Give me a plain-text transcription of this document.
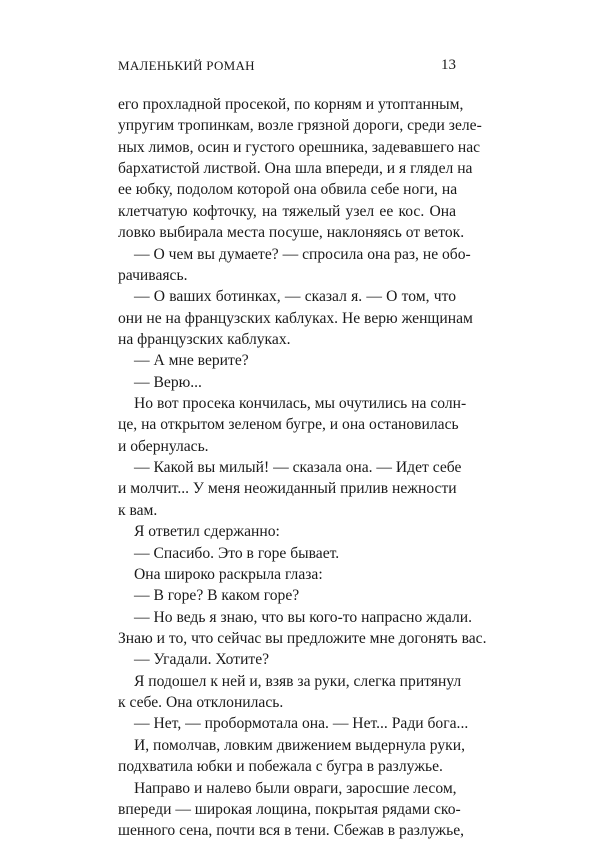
МАЛЕНЬКИЙ РОМАН	13
его прохладной просекой, по корням и утоптанным,
упругим тропинкам, возле грязной дороги, среди зеле-
ных лимов, осин и густого орешника, задевавшего нас
бархатистой листвой. Она шла впереди, и я глядел на
ее юбку, подолом которой она обвила себе ноги, на
клетчатую кофточку, на тяжелый узел ее кос. Она
ловко выбирала места посуше, наклоняясь от веток.
— О чем вы думаете? — спросила она раз, не обо-
рачиваясь.
— О ваших ботинках, — сказал я. — О том, что
они не на французских каблуках. Не верю женщинам
на французских каблуках.
— А мне верите?
— Верю...
Но вот просека кончилась, мы очутились на солн-
це, на открытом зеленом бугре, и она остановилась
и обернулась.
— Какой вы милый! — сказала она. — Идет себе
и молчит... У меня неожиданный прилив нежности
к вам.
Я ответил сдержанно:
— Спасибо. Это в горе бывает.
Она широко раскрыла глаза:
— В горе? В каком горе?
— Но ведь я знаю, что вы кого-то напрасно ждали.
Знаю и то, что сейчас вы предложите мне догонять вас.
— Угадали. Хотите?
Я подошел к ней и, взяв за руки, слегка притянул
к себе. Она отклонилась.
— Нет, — пробормотала она. — Нет... Ради бога...
И, помолчав, ловким движением выдернула руки,
подхватила юбки и побежала с бугра в разлужье.
Направо и налево были овраги, заросшие лесом,
впереди — широкая лощина, покрытая рядами ско-
шенного сена, почти вся в тени. Сбежав в разлужье,
